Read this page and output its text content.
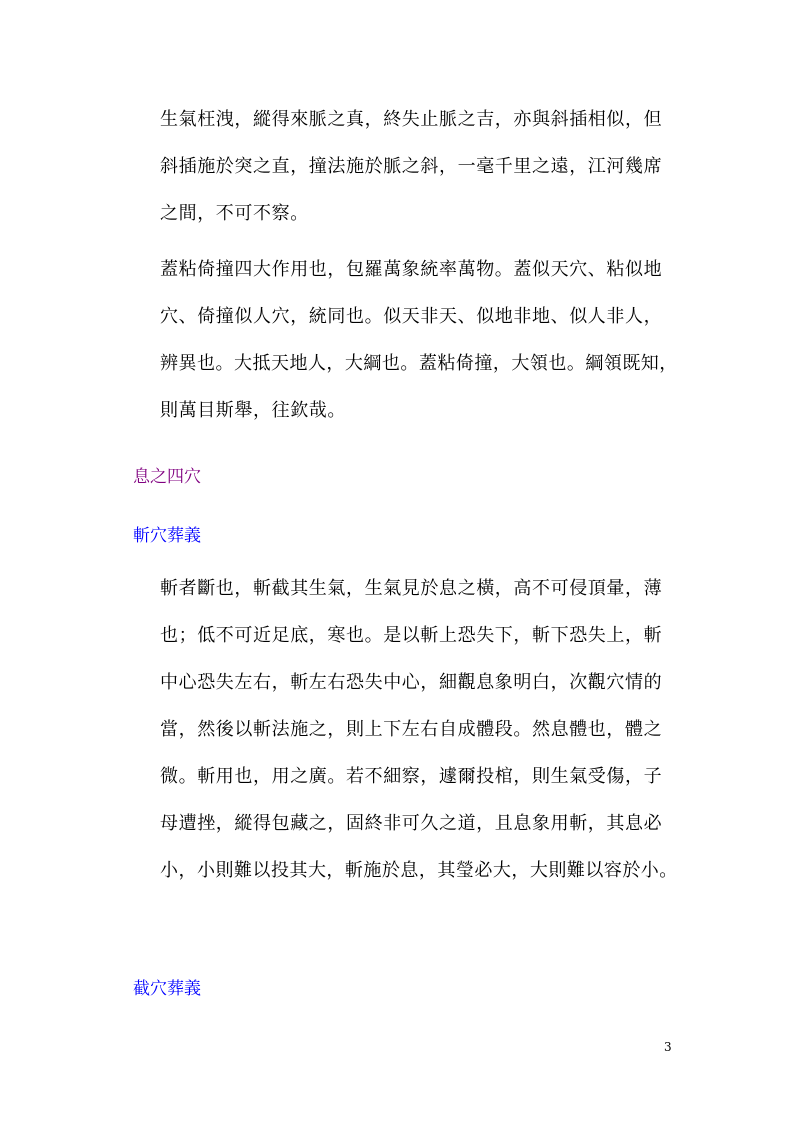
生氣枉洩，縱得來脈之真，終失止脈之吉，亦與斜插相似，但
斜插施於突之直，撞法施於脈之斜，一毫千里之遠，江河幾席
之間，不可不察。
蓋粘倚撞四大作用也，包羅萬象統率萬物。蓋似天穴、粘似地
穴、倚撞似人穴，統同也。似天非天、似地非地、似人非人，
辨異也。大抵天地人，大綱也。蓋粘倚撞，大領也。綱領既知，
則萬目斯舉，往欽哉。
息之四穴
斬穴葬義
斬者斷也，斬截其生氣，生氣見於息之橫，高不可侵頂暈，薄
也；低不可近足底，寒也。是以斬上恐失下，斬下恐失上，斬
中心恐失左右，斬左右恐失中心，細觀息象明白，次觀穴情的
當，然後以斬法施之，則上下左右自成體段。然息體也，體之
微。斬用也，用之廣。若不細察，遽爾投棺，則生氣受傷，子
母遭挫，縱得包藏之，固終非可久之道，且息象用斬，其息必
小，小則難以投其大，斬施於息，其瑩必大，大則難以容於小。
截穴葬義
3
